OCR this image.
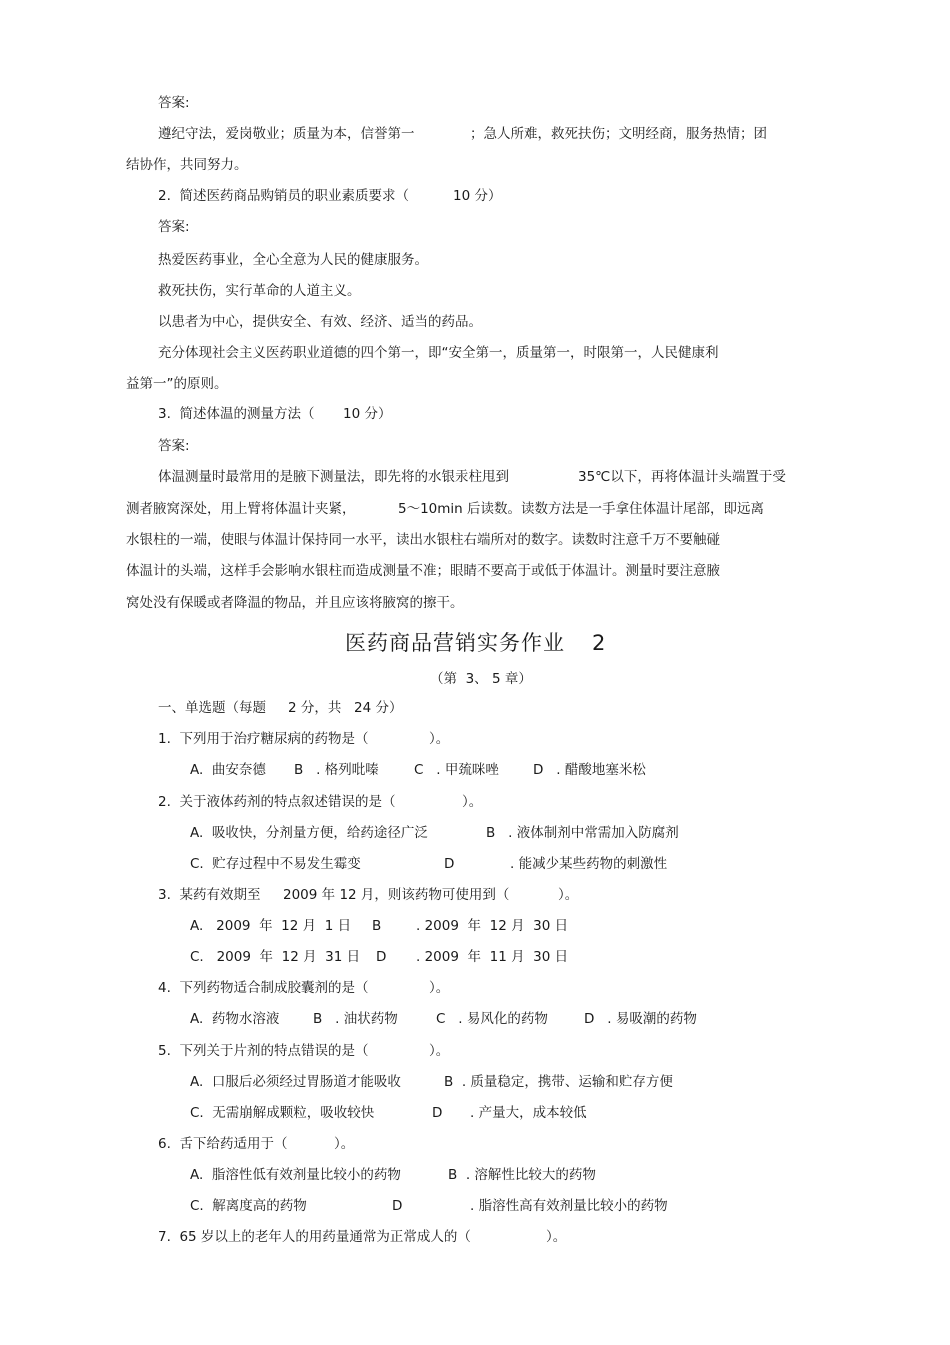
答案:
遵纪守法，爱岗敬业；质量为本，信誉第一	；急人所难，救死扶伤；文明经商，服务热情；团
结协作，共同努力。
2.  简述医药商品购销员的职业素质要求（	10 分）
答案:
热爱医药事业，全心全意为人民的健康服务。
救死扶伤，实行革命的人道主义。
以患者为中心，提供安全、有效、经济、适当的药品。
充分体现社会主义医药职业道德的四个第一，即“安全第一，质量第一，时限第一，人民健康利
益第一”的原则。
3.  简述体温的测量方法（ 10 分）
答案:
体温测量时最常用的是腋下测量法，即先将的水银汞柱甩到	35℃以下，再将体温计头端置于受
测者腋窝深处，用上臂将体温计夹紧，	5～10min 后读数。读数方法是一手拿住体温计尾部，即远离
水银柱的一端，使眼与体温计保持同一水平，读出水银柱右端所对的数字。读数时注意千万不要触碰
体温计的头端，这样手会影响水银柱而造成测量不准；眼睛不要高于或低于体温计。测量时要注意腋
窝处没有保暖或者降温的物品，并且应该将腋窝的擦干。
医药商品营销实务作业 2
（第  3、 5 章）
一、单选题（每题 2 分，共 24 分）
1.  下列用于治疗糖尿病的药物是（	）。
A.  曲安奈德 B   . 格列吡嗪	C   . 甲巯咪唑	D   . 醋酸地塞米松
2.  关于液体药剂的特点叙述错误的是（	）。
A.  吸收快，分剂量方便，给药途径广泛	B   . 液体制剂中常需加入防腐剂
C.  贮存过程中不易发生霉变	D	. 能减少某些药物的刺激性
3.  某药有效期至 2009 年 12 月，则该药物可使用到（	）。
A.   2009  年  12 月  1 日 B	. 2009  年  12 月  30 日
C.   2009  年  12 月  31 日 D . 2009  年  11 月  30 日
4.  下列药物适合制成胶囊剂的是（	）。
A.  药物水溶液 B   . 油状药物	C   . 易风化的药物	D   . 易吸潮的药物
5.  下列关于片剂的特点错误的是（	）。
A.  口服后必须经过胃肠道才能吸收	B  . 质量稳定，携带、运输和贮存方便
C.  无需崩解成颗粒，吸收较快	D . 产量大，成本较低
6.  舌下给药适用于（	）。
A.  脂溶性低有效剂量比较小的药物	B  . 溶解性比较大的药物
C.  解离度高的药物	D	. 脂溶性高有效剂量比较小的药物
7.  65 岁以上的老年人的用药量通常为正常成人的（	）。
